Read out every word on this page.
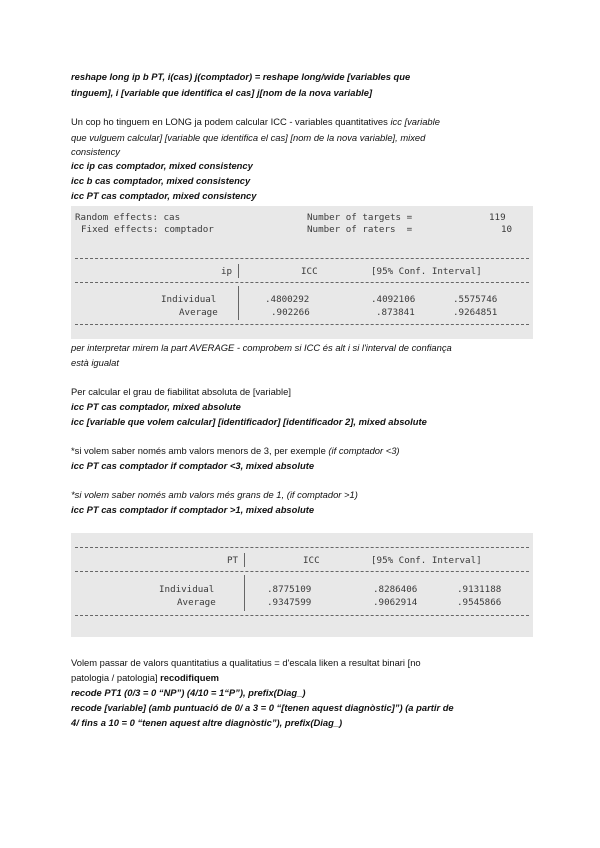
reshape long ip b PT, i(cas) j(comptador) = reshape long/wide [variables que

tinguem], i [variable que identifica el cas] j[nom de la nova variable]

Un cop ho tinguem en LONG ja podem calcular ICC - variables quantitatives icc [variable

que vulguem calcular] [variable que identifica el cas] [nom de la nova variable], mixed

consistency

icc ip cas comptador, mixed consistency

icc b cas comptador, mixed consistency

icc PT cas comptador, mixed consistency

Random effects: cas
Fixed effects: comptador
Number of targets =	119
Number of raters  =	10
ip	ICC	[95% Conf. Interval]
Individual	.4800292	.4092106	.5575746
Average	.902266	.873841	.9264851

per interpretar mirem la part AVERAGE - comprobem si ICC és alt i si l'interval de confiança

està igualat

Per calcular el grau de fiabilitat absoluta de [variable]

icc PT cas comptador, mixed absolute

icc [variable que volem calcular] [identificador] [identificador 2], mixed absolute

*si volem saber només amb valors menors de 3, per exemple (if comptador <3)

icc PT cas comptador if comptador <3, mixed absolute

*si volem saber només amb valors més grans de 1, (if comptador >1)

icc PT cas comptador if comptador >1, mixed absolute

PT	ICC	[95% Conf. Interval]
Individual	.8775109	.8286406	.9131188
Average	.9347599	.9062914	.9545866

Volem passar de valors quantitatius a qualitatius = d'escala liken a resultat binari [no

patologia / patologia] recodifiquem

recode PT1 (0/3 = 0 “NP”) (4/10 = 1“P”), prefix(Diag_)

recode [variable] (amb puntuació de 0/ a 3 = 0 “[tenen aquest diagnòstic]”) (a partir de

4/ fins a 10 = 0 “tenen aquest altre diagnòstic”), prefix(Diag_)
